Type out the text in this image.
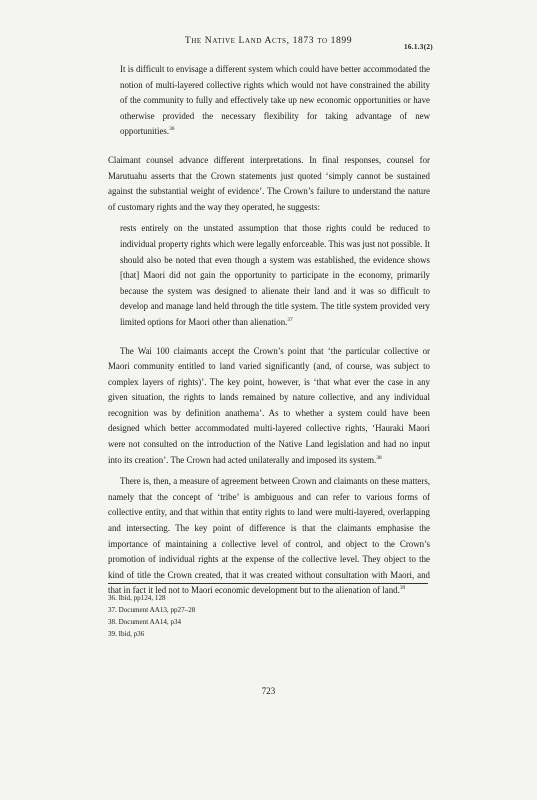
The Native Land Acts, 1873 to 1899
16.1.3(2)

It is difficult to envisage a different system which could have better accommodated the notion of multi-layered collective rights which would not have constrained the ability of the community to fully and effectively take up new economic opportunities or have otherwise provided the necessary flexibility for taking advantage of new opportunities.$^{36}$

Claimant counsel advance different interpretations. In final responses, counsel for Marutuahu asserts that the Crown statements just quoted ‘simply cannot be sustained against the substantial weight of evidence’. The Crown’s failure to understand the nature of customary rights and the way they operated, he suggests:

rests entirely on the unstated assumption that those rights could be reduced to individual property rights which were legally enforceable. This was just not possible. It should also be noted that even though a system was established, the evidence shows [that] Maori did not gain the opportunity to participate in the economy, primarily because the system was designed to alienate their land and it was so difficult to develop and manage land held through the title system. The title system provided very limited options for Maori other than alienation.$^{37}$

The Wai 100 claimants accept the Crown’s point that ‘the particular collective or Maori community entitled to land varied significantly (and, of course, was subject to complex layers of rights)’. The key point, however, is ‘that what ever the case in any given situation, the rights to lands remained by nature collective, and any individual recognition was by definition anathema’. As to whether a system could have been designed which better accommodated multi-layered collective rights, ‘Hauraki Maori were not consulted on the introduction of the Native Land legislation and had no input into its creation’. The Crown had acted unilaterally and imposed its system.$^{38}$

There is, then, a measure of agreement between Crown and claimants on these matters, namely that the concept of ‘tribe’ is ambiguous and can refer to various forms of collective entity, and that within that entity rights to land were multi-layered, overlapping and intersecting. The key point of difference is that the claimants emphasise the importance of maintaining a collective level of control, and object to the Crown’s promotion of individual rights at the expense of the collective level. They object to the kind of title the Crown created, that it was created without consultation with Maori, and that in fact it led not to Maori economic development but to the alienation of land.$^{39}$

36. Ibid, pp124, 128
37. Document AA13, pp27–28
38. Document AA14, p34
39. Ibid, p36
723
